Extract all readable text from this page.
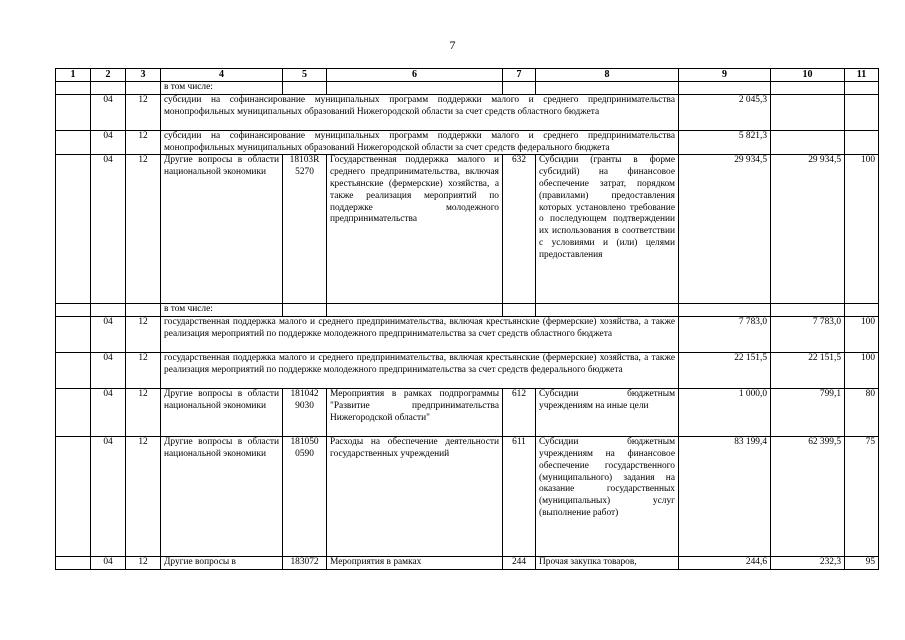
7
1	2	3	4	5	6	7	8	9	10	11
			в том числе:							
	04	12	субсидии на софинансирование муниципальных программ поддержки малого и среднего предпринимательства монопрофильных муниципальных образований Нижегородской области за счет средств областного бюджета					2 045,3		
	04	12	субсидии на софинансирование муниципальных программ поддержки малого и среднего предпринимательства монопрофильных муниципальных образований Нижегородской области за счет средств федерального бюджета					5 821,3		
	04	12	Другие вопросы в области национальной экономики	18103R 5270	Государственная поддержка малого и среднего предпринимательства, включая крестьянские (фермерские) хозяйства, а также реализация мероприятий по поддержке молодежного предпринимательства	632	Субсидии (гранты в форме субсидий) на финансовое обеспечение затрат, порядком (правилами) предоставления которых установлено требование о последующем подтверждении их использования в соответствии с условиями и (или) целями предоставления	29 934,5	29 934,5	100
			в том числе:							
	04	12	государственная поддержка малого и среднего предпринимательства, включая крестьянские (фермерские) хозяйства, а также реализация мероприятий по поддержке молодежного предпринимательства за счет средств областного бюджета					7 783,0	7 783,0	100
	04	12	государственная поддержка малого и среднего предпринимательства, включая крестьянские (фермерские) хозяйства, а также реализация мероприятий по поддержке молодежного предпринимательства за счет средств федерального бюджета					22 151,5	22 151,5	100
	04	12	Другие вопросы в области национальной экономики	181042 9030	Мероприятия в рамках подпрограммы "Развитие предпринимательства Нижегородской области"	612	Субсидии бюджетным учреждениям на иные цели	1 000,0	799,1	80
	04	12	Другие вопросы в области национальной экономики	181050 0590	Расходы на обеспечение деятельности государственных учреждений	611	Субсидии бюджетным учреждениям на финансовое обеспечение государственного (муниципального) задания на оказание государственных (муниципальных) услуг (выполнение работ)	83 199,4	62 399,5	75
	04	12	Другие вопросы в	183072	Мероприятия в рамках	244	Прочая закупка товаров,	244,6	232,3	95
